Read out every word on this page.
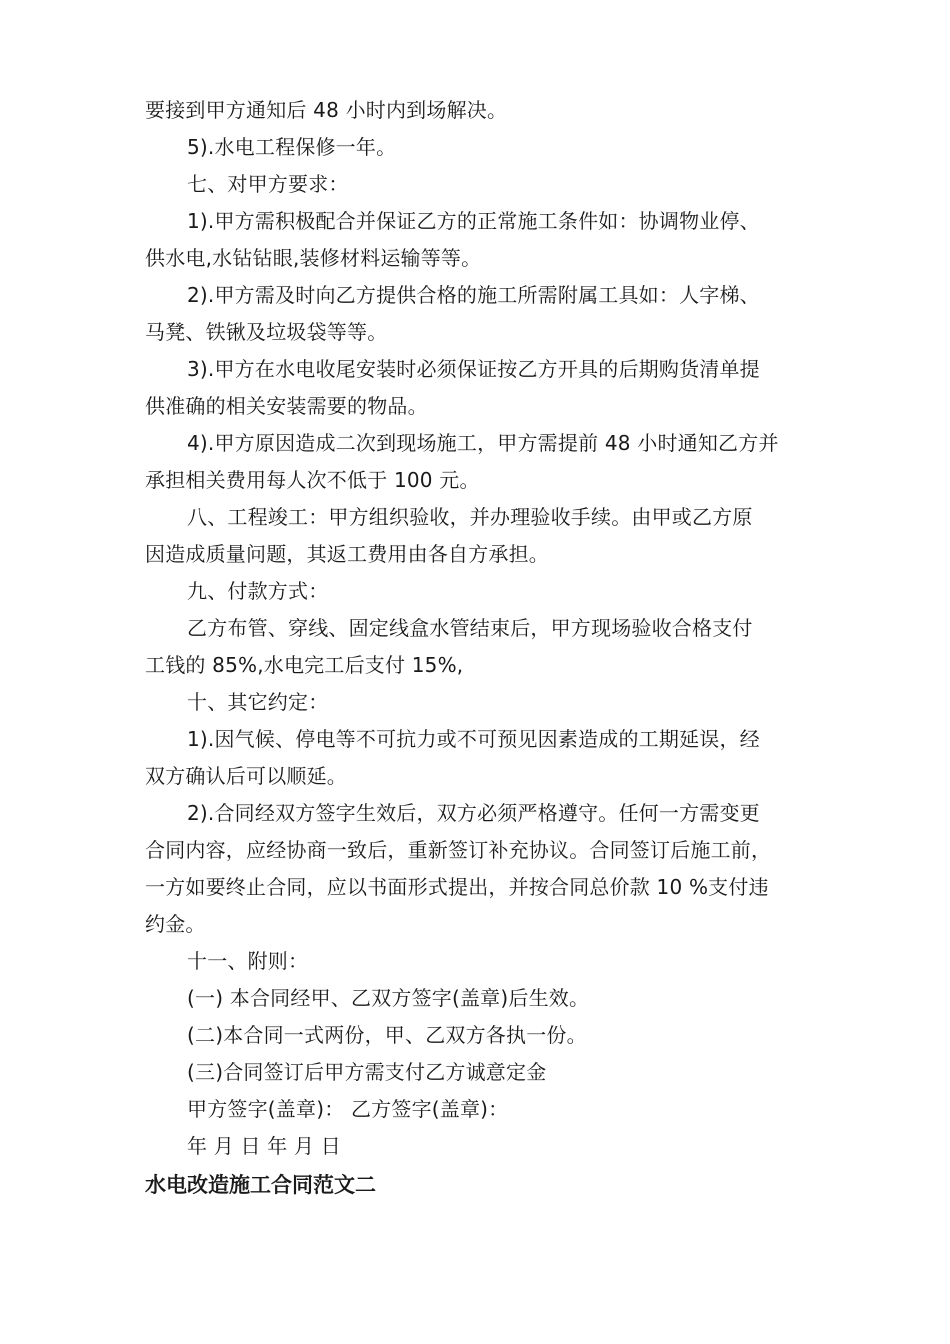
要接到甲方通知后 48 小时内到场解决。
5).水电工程保修一年。
七、对甲方要求：
1).甲方需积极配合并保证乙方的正常施工条件如：协调物业停、
供水电,水钻钻眼,装修材料运输等等。
2).甲方需及时向乙方提供合格的施工所需附属工具如：人字梯、
马凳、铁锹及垃圾袋等等。
3).甲方在水电收尾安装时必须保证按乙方开具的后期购货清单提
供准确的相关安装需要的物品。
4).甲方原因造成二次到现场施工，甲方需提前 48 小时通知乙方并
承担相关费用每人次不低于 100 元。
八、工程竣工：甲方组织验收，并办理验收手续。由甲或乙方原
因造成质量问题，其返工费用由各自方承担。
九、付款方式：
乙方布管、穿线、固定线盒水管结束后，甲方现场验收合格支付
工钱的 85%,水电完工后支付 15%,
十、其它约定：
1).因气候、停电等不可抗力或不可预见因素造成的工期延误，经
双方确认后可以顺延。
2).合同经双方签字生效后，双方必须严格遵守。任何一方需变更
合同内容，应经协商一致后，重新签订补充协议。合同签订后施工前，
一方如要终止合同，应以书面形式提出，并按合同总价款 10 %支付违
约金。
十一、附则：
(一) 本合同经甲、乙双方签字(盖章)后生效。
(二)本合同一式两份，甲、乙双方各执一份。
(三)合同签订后甲方需支付乙方诚意定金
甲方签字(盖章)： 乙方签字(盖章)：
年 月 日 年 月 日
水电改造施工合同范文二
